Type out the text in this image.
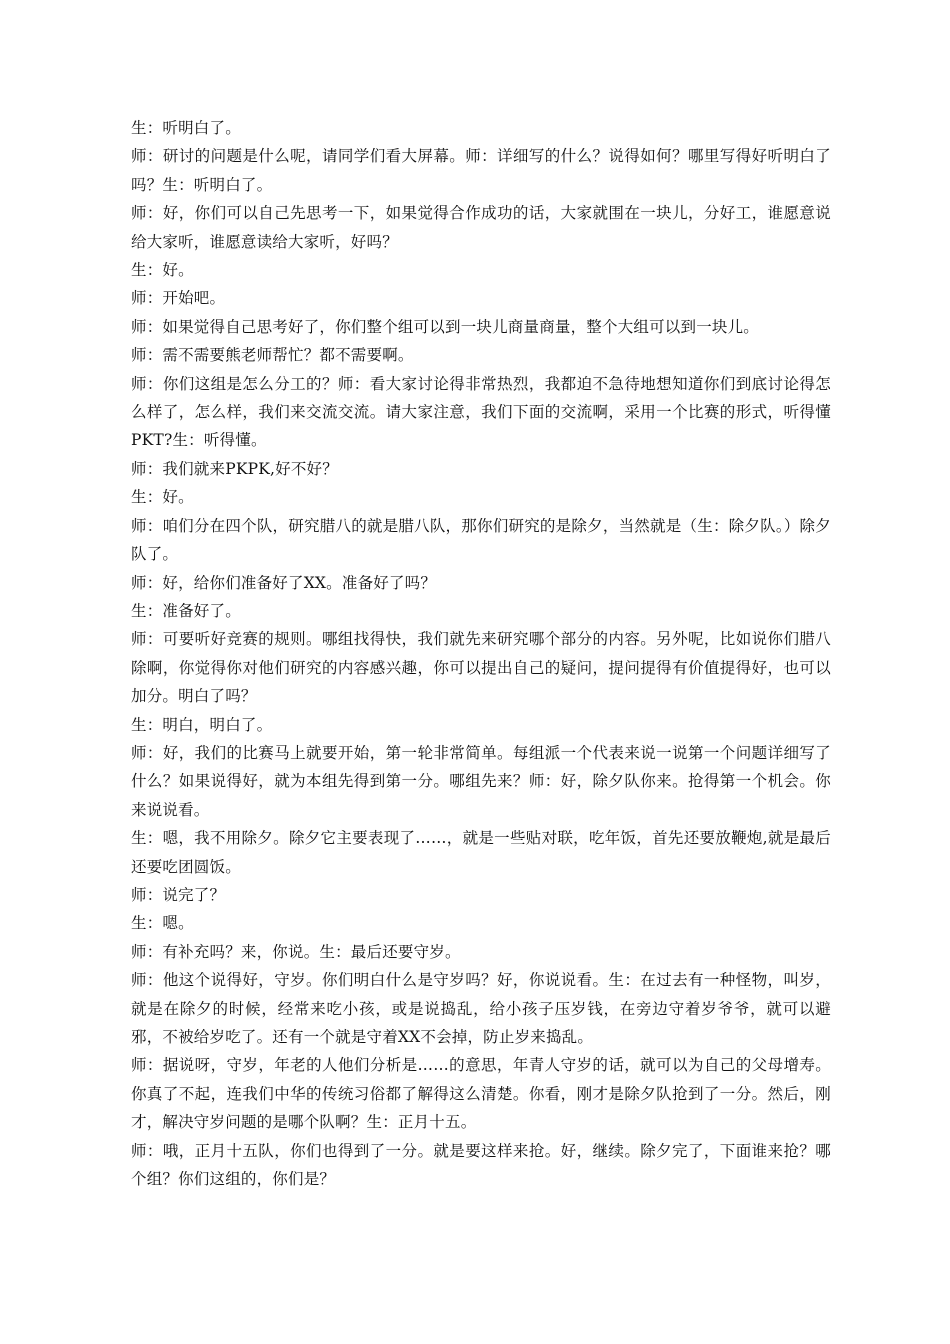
生：听明白了。

师：研讨的问题是什么呢，请同学们看大屏幕。师：详细写的什么？说得如何？哪里写得好听明白了吗？生：听明白了。

师：好，你们可以自己先思考一下，如果觉得合作成功的话，大家就围在一块儿，分好工，谁愿意说给大家听，谁愿意读给大家听，好吗？

生：好。

师：开始吧。

师：如果觉得自己思考好了，你们整个组可以到一块儿商量商量，整个大组可以到一块儿。

师：需不需要熊老师帮忙？都不需要啊。

师：你们这组是怎么分工的？师：看大家讨论得非常热烈，我都迫不急待地想知道你们到底讨论得怎么样了，怎么样，我们来交流交流。请大家注意，我们下面的交流啊，采用一个比赛的形式，听得懂PKT?生：听得懂。

师：我们就来PKPK,好不好？

生：好。

师：咱们分在四个队，研究腊八的就是腊八队，那你们研究的是除夕，当然就是（生：除夕队。）除夕队了。

师：好，给你们准备好了XX。准备好了吗？

生：准备好了。

师：可要听好竞赛的规则。哪组找得快，我们就先来研究哪个部分的内容。另外呢，比如说你们腊八除啊，你觉得你对他们研究的内容感兴趣，你可以提出自己的疑问，提问提得有价值提得好，也可以加分。明白了吗？

生：明白，明白了。

师：好，我们的比赛马上就要开始，第一轮非常简单。每组派一个代表来说一说第一个问题详细写了什么？如果说得好，就为本组先得到第一分。哪组先来？师：好，除夕队你来。抢得第一个机会。你来说说看。

生：嗯，我不用除夕。除夕它主要表现了……，就是一些贴对联，吃年饭，首先还要放鞭炮,就是最后还要吃团圆饭。

师：说完了？

生：嗯。

师：有补充吗？来，你说。生：最后还要守岁。

师：他这个说得好，守岁。你们明白什么是守岁吗？好，你说说看。生：在过去有一种怪物，叫岁，就是在除夕的时候，经常来吃小孩，或是说捣乱，给小孩子压岁钱，在旁边守着岁爷爷，就可以避邪，不被给岁吃了。还有一个就是守着XX不会掉，防止岁来捣乱。

师：据说呀，守岁，年老的人他们分析是……的意思，年青人守岁的话，就可以为自己的父母增寿。你真了不起，连我们中华的传统习俗都了解得这么清楚。你看，刚才是除夕队抢到了一分。然后，刚才，解决守岁问题的是哪个队啊？生：正月十五。

师：哦，正月十五队，你们也得到了一分。就是要这样来抢。好，继续。除夕完了，下面谁来抢？哪个组？你们这组的，你们是？
